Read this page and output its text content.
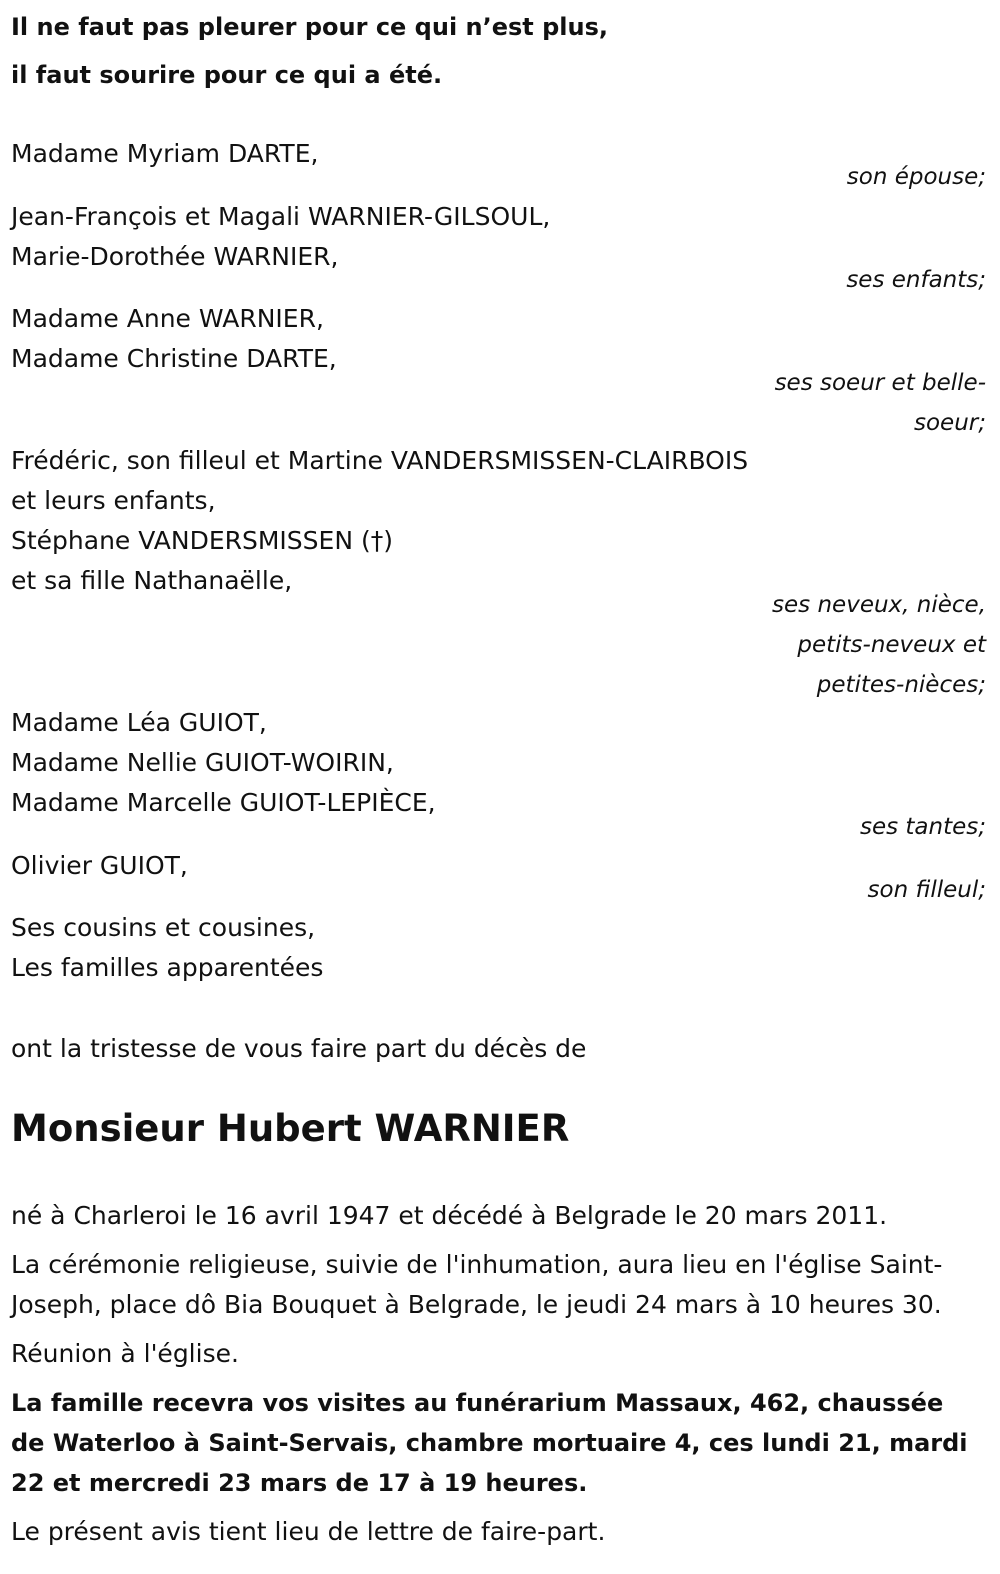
Il ne faut pas pleurer pour ce qui n’est plus,
il faut sourire pour ce qui a été.
Madame Myriam DARTE,
son épouse;
Jean-François et Magali WARNIER-GILSOUL,
Marie-Dorothée WARNIER,
ses enfants;
Madame Anne WARNIER,
Madame Christine DARTE,
ses soeur et belle-
soeur;
Frédéric, son filleul et Martine VANDERSMISSEN-CLAIRBOIS
et leurs enfants,
Stéphane VANDERSMISSEN (†)
et sa fille Nathanaëlle,
ses neveux, nièce,
petits-neveux et
petites-nièces;
Madame Léa GUIOT,
Madame Nellie GUIOT-WOIRIN,
Madame Marcelle GUIOT-LEPIÈCE,
ses tantes;
Olivier GUIOT,
son filleul;
Ses cousins et cousines,
Les familles apparentées
ont la tristesse de vous faire part du décès de
Monsieur Hubert WARNIER
né à Charleroi le 16 avril 1947 et décédé à Belgrade le 20 mars 2011.
La cérémonie religieuse, suivie de l'inhumation, aura lieu en l'église Saint-
Joseph, place dô Bia Bouquet à Belgrade, le jeudi 24 mars à 10 heures 30.
Réunion à l'église.
La famille recevra vos visites au funérarium Massaux, 462, chaussée
de Waterloo à Saint-Servais, chambre mortuaire 4, ces lundi 21, mardi
22 et mercredi 23 mars de 17 à 19 heures.
Le présent avis tient lieu de lettre de faire-part.
